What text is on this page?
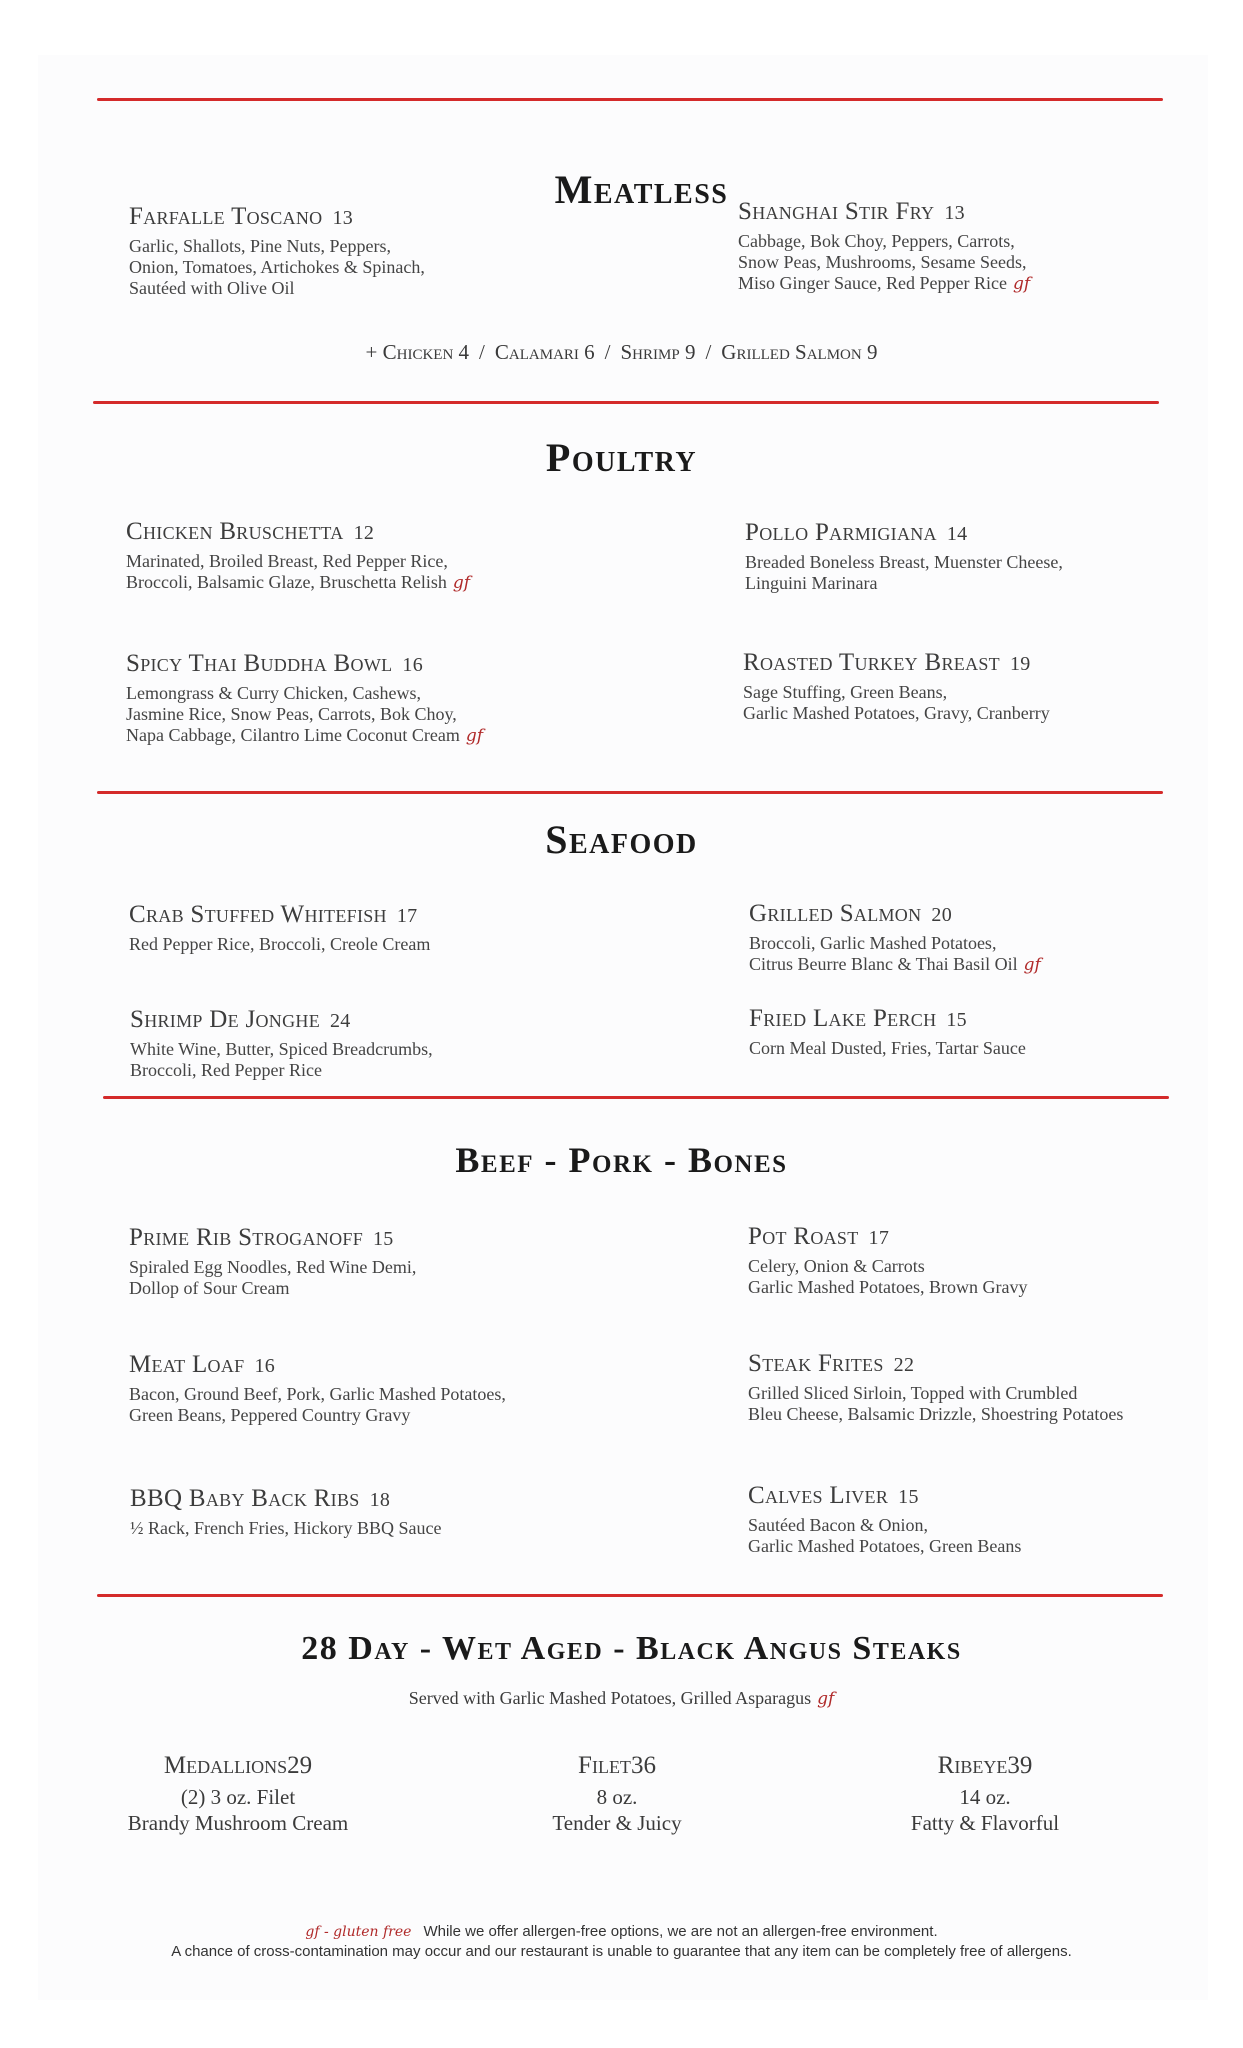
Meatless
Farfalle Toscano 13
Garlic, Shallots, Pine Nuts, Peppers,
Onion, Tomatoes, Artichokes & Spinach,
Sautéed with Olive Oil
Shanghai Stir Fry 13
Cabbage, Bok Choy, Peppers, Carrots,
Snow Peas, Mushrooms, Sesame Seeds,
Miso Ginger Sauce, Red Pepper Rice gf
+ Chicken 4 / Calamari 6 / Shrimp 9 / Grilled Salmon 9
Poultry
Chicken Bruschetta 12
Marinated, Broiled Breast, Red Pepper Rice,
Broccoli, Balsamic Glaze, Bruschetta Relish gf
Pollo Parmigiana 14
Breaded Boneless Breast, Muenster Cheese,
Linguini Marinara
Spicy Thai Buddha Bowl 16
Lemongrass & Curry Chicken, Cashews,
Jasmine Rice, Snow Peas, Carrots, Bok Choy,
Napa Cabbage, Cilantro Lime Coconut Cream gf
Roasted Turkey Breast 19
Sage Stuffing, Green Beans,
Garlic Mashed Potatoes, Gravy, Cranberry
Seafood
Crab Stuffed Whitefish 17
Red Pepper Rice, Broccoli, Creole Cream
Grilled Salmon 20
Broccoli, Garlic Mashed Potatoes,
Citrus Beurre Blanc & Thai Basil Oil gf
Shrimp De Jonghe 24
White Wine, Butter, Spiced Breadcrumbs,
Broccoli, Red Pepper Rice
Fried Lake Perch 15
Corn Meal Dusted, Fries, Tartar Sauce
Beef - Pork - Bones
Prime Rib Stroganoff 15
Spiraled Egg Noodles, Red Wine Demi,
Dollop of Sour Cream
Pot Roast 17
Celery, Onion & Carrots
Garlic Mashed Potatoes, Brown Gravy
Meat Loaf 16
Bacon, Ground Beef, Pork, Garlic Mashed Potatoes,
Green Beans, Peppered Country Gravy
Steak Frites 22
Grilled Sliced Sirloin, Topped with Crumbled
Bleu Cheese, Balsamic Drizzle, Shoestring Potatoes
BBQ Baby Back Ribs 18
½ Rack, French Fries, Hickory BBQ Sauce
Calves Liver 15
Sautéed Bacon & Onion,
Garlic Mashed Potatoes, Green Beans
28 Day - Wet Aged - Black Angus Steaks
Served with Garlic Mashed Potatoes, Grilled Asparagus gf
Medallions29
(2) 3 oz. Filet
Brandy Mushroom Cream
Filet36
8 oz.
Tender & Juicy
Ribeye39
14 oz.
Fatty & Flavorful
gf - gluten free While we offer allergen-free options, we are not an allergen-free environment.
A chance of cross-contamination may occur and our restaurant is unable to guarantee that any item can be completely free of allergens.
